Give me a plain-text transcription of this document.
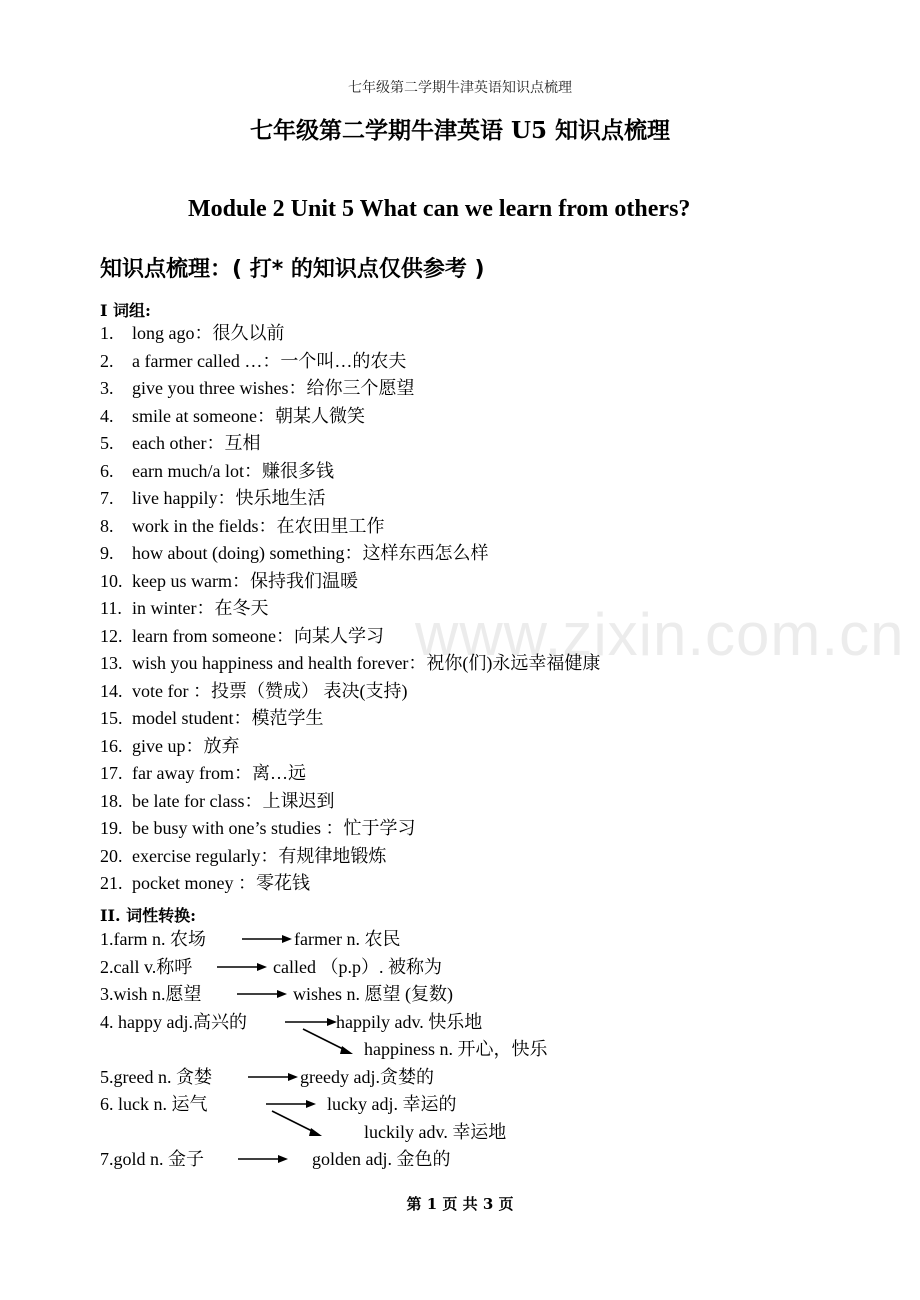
七年级第二学期牛津英语知识点梳理
七年级第二学期牛津英语 U5 知识点梳理
Module 2 Unit 5 What can we learn from others?
知识点梳理：( 打* 的知识点仅供参考 )
www.zixin.com.cn
I 词组:
1. long ago：很久以前
2. a farmer called …：一个叫…的农夫
3. give you three wishes：给你三个愿望
4. smile at someone：朝某人微笑
5. each other：互相
6. earn much/a lot：赚很多钱
7. live happily：快乐地生活
8. work in the fields：在农田里工作
9. how about (doing) something：这样东西怎么样
10. keep us warm：保持我们温暖
11. in winter：在冬天
12. learn from someone：向某人学习
13. wish you happiness and health forever：祝你(们)永远幸福健康
14. vote for ：投票（赞成） 表决(支持)
15. model student：模范学生
16. give up：放弃
17. far away from：离…远
18. be late for class：上课迟到
19. be busy with one’s studies ：忙于学习
20. exercise regularly：有规律地锻炼
21. pocket money ：零花钱
II. 词性转换:
1.farm n. 农场	farmer n. 农民
2.call v.称呼	called （p.p）. 被称为
3.wish n.愿望	wishes n. 愿望 (复数)
4. happy adj.高兴的	happily adv. 快乐地
happiness n. 开心，快乐
5.greed n. 贪婪	greedy adj.贪婪的
6. luck n. 运气	lucky adj. 幸运的
luckily adv. 幸运地
7.gold n. 金子	golden adj. 金色的
第 1 页 共 3 页
